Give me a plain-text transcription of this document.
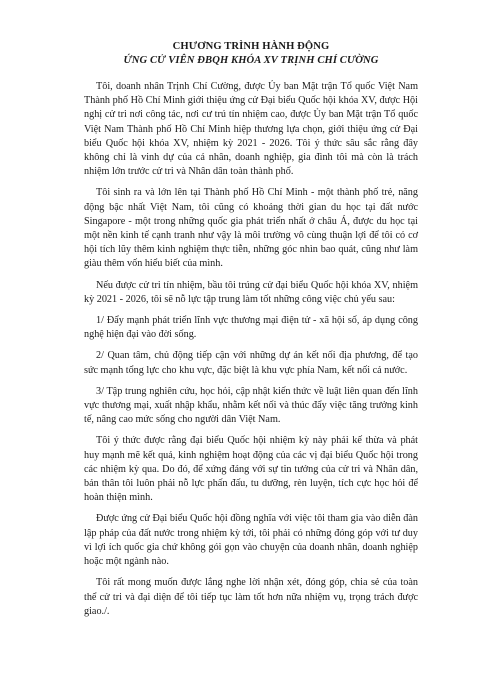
CHƯƠNG TRÌNH HÀNH ĐỘNG

ỨNG CỬ VIÊN ĐBQH KHÓA XV TRỊNH CHÍ CƯỜNG

Tôi, doanh nhân Trịnh Chí Cường, được Ủy ban Mặt trận Tổ quốc Việt Nam Thành phố Hồ Chí Minh giới thiệu ứng cử Đại biểu Quốc hội khóa XV, được Hội nghị cử tri nơi công tác, nơi cư trú tín nhiệm cao, được Ủy ban Mặt trận Tổ quốc Việt Nam Thành phố Hồ Chí Minh hiệp thương lựa chọn, giới thiệu ứng cử Đại biểu Quốc hội khóa XV, nhiệm kỳ 2021 - 2026. Tôi ý thức sâu sắc rằng đây không chỉ là vinh dự của cá nhân, doanh nghiệp, gia đình tôi mà còn là trách nhiệm lớn trước cử tri và Nhân dân toàn thành phố.

Tôi sinh ra và lớn lên tại Thành phố Hồ Chí Minh - một thành phố trẻ, năng động bậc nhất Việt Nam, tôi cũng có khoảng thời gian du học tại đất nước Singapore - một trong những quốc gia phát triển nhất ở châu Á, được du học tại một nền kinh tế cạnh tranh như vậy là môi trường vô cùng thuận lợi để tôi có cơ hội tích lũy thêm kinh nghiệm thực tiễn, những góc nhìn bao quát, cũng như làm giàu thêm vốn hiểu biết của mình.

Nếu được cử tri tín nhiệm, bầu tôi trúng cử đại biểu Quốc hội khóa XV, nhiệm kỳ 2021 - 2026, tôi sẽ nỗ lực tập trung làm tốt những công việc chủ yếu sau:

1/ Đẩy mạnh phát triển lĩnh vực thương mại điện tử - xã hội số, áp dụng công nghệ hiện đại vào đời sống.

2/ Quan tâm, chủ động tiếp cận với những dự án kết nối địa phương, để tạo sức mạnh tổng lực cho khu vực, đặc biệt là khu vực phía Nam, kết nối cả nước.

3/ Tập trung nghiên cứu, học hỏi, cập nhật kiến thức về luật liên quan đến lĩnh vực thương mại, xuất nhập khẩu, nhằm kết nối và thúc đẩy việc tăng trưởng kinh tế, nâng cao mức sống cho người dân Việt Nam.

Tôi ý thức được rằng đại biểu Quốc hội nhiệm kỳ này phải kế thừa và phát huy mạnh mẽ kết quả, kinh nghiệm hoạt động của các vị đại biểu Quốc hội trong các nhiệm kỳ qua. Do đó, để xứng đáng với sự tin tưởng của cử tri và Nhân dân, bản thân tôi luôn phải nỗ lực phấn đấu, tu dưỡng, rèn luyện, tích cực học hỏi để hoàn thiện mình.

Được ứng cử Đại biểu Quốc hội đồng nghĩa với việc tôi tham gia vào diễn đàn lập pháp của đất nước trong nhiệm kỳ tới, tôi phải có những đóng góp với tư duy vì lợi ích quốc gia chứ không gói gọn vào chuyện của doanh nhân, doanh nghiệp hoặc một ngành nào.

Tôi rất mong muốn được lắng nghe lời nhận xét, đóng góp, chia sẻ của toàn thể cử tri và đại diện để tôi tiếp tục làm tốt hơn nữa nhiệm vụ, trọng trách được giao./.
